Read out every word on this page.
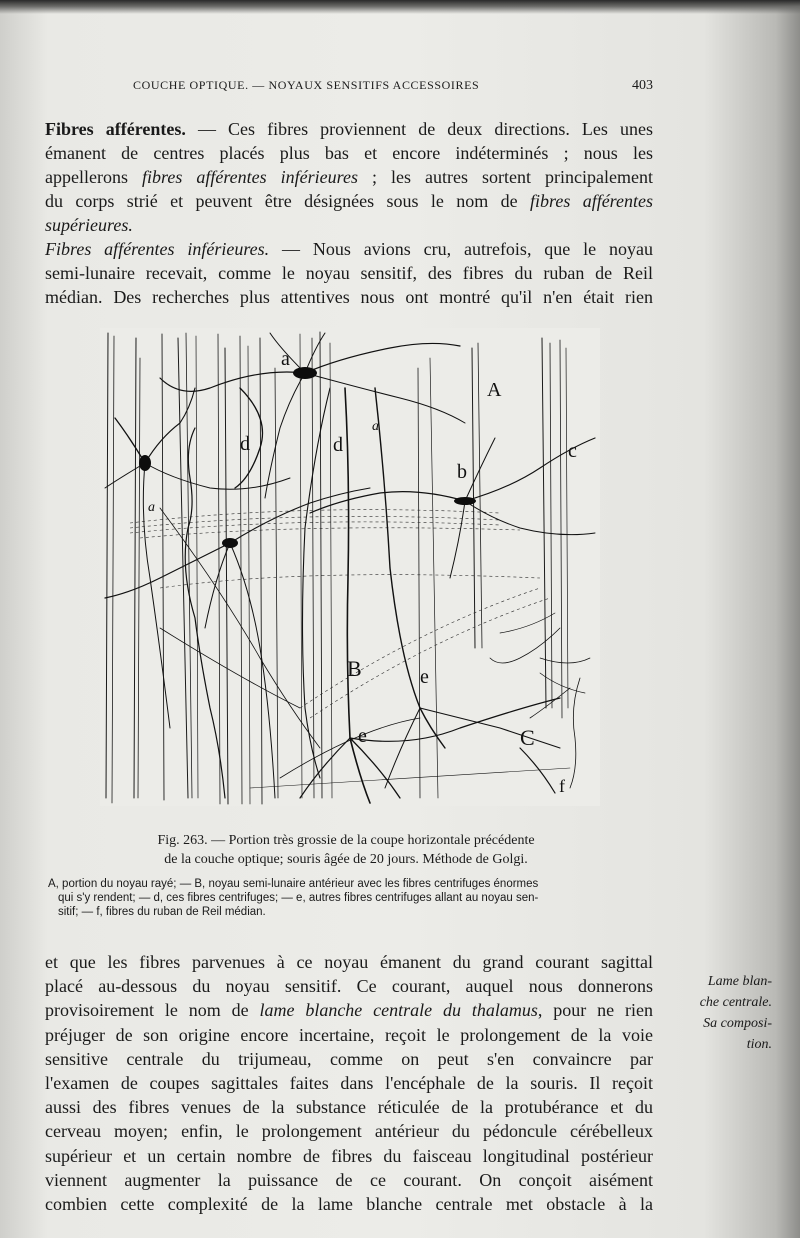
COUCHE OPTIQUE. — NOYAUX SENSITIFS ACCESSOIRES	403
Fibres afférentes. — Ces fibres proviennent de deux directions. Les unes
émanent de centres placés plus bas et encore indéterminés ; nous les
appellerons fibres afférentes inférieures ; les autres sortent principalement
du corps strié et peuvent être désignées sous le nom de fibres afférentes
supérieures.
Fibres afférentes inférieures. — Nous avions cru, autrefois, que le noyau
semi-lunaire recevait, comme le noyau sensitif, des fibres du ruban de Reil
médian. Des recherches plus attentives nous ont montré qu'il n'en était rien
a
A
d	d
a
c
b
a
B	e
e	C
f
Fig. 263. — Portion très grossie de la coupe horizontale précédente
de la couche optique; souris âgée de 20 jours. Méthode de Golgi.
A, portion du noyau rayé; — B, noyau semi-lunaire antérieur avec les fibres centrifuges énormes
qui s'y rendent; — d, ces fibres centrifuges; — e, autres fibres centrifuges allant au noyau sen-
sitif; — f, fibres du ruban de Reil médian.
et que les fibres parvenues à ce noyau émanent du grand courant sagittal
placé au-dessous du noyau sensitif. Ce courant, auquel nous donnerons
provisoirement le nom de lame blanche centrale du thalamus, pour ne rien
préjuger de son origine encore incertaine, reçoit le prolongement de la voie
sensitive centrale du trijumeau, comme on peut s'en convaincre par
l'examen de coupes sagittales faites dans l'encéphale de la souris. Il reçoit
aussi des fibres venues de la substance réticulée de la protubérance et du
cerveau moyen; enfin, le prolongement antérieur du pédoncule cérébelleux
supérieur et un certain nombre de fibres du faisceau longitudinal postérieur
viennent augmenter la puissance de ce courant. On conçoit aisément
combien cette complexité de la lame blanche centrale met obstacle à la
Lame blan-
che centrale.
Sa composi-
tion.
